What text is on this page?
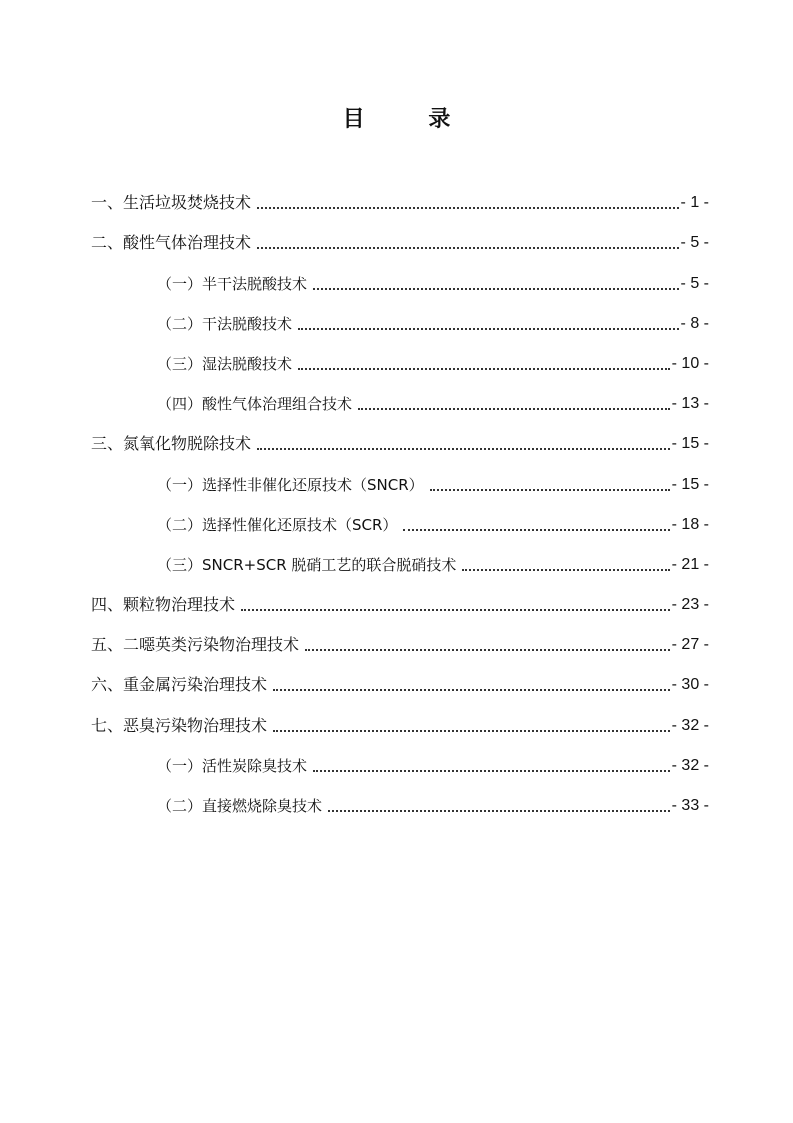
目 录
一、生活垃圾焚烧技术	- 1 -
二、酸性气体治理技术	- 5 -
（一）半干法脱酸技术	- 5 -
（二）干法脱酸技术	- 8 -
（三）湿法脱酸技术	- 10 -
（四）酸性气体治理组合技术	- 13 -
三、氮氧化物脱除技术	- 15 -
（一）选择性非催化还原技术（SNCR）	- 15 -
（二）选择性催化还原技术（SCR）	- 18 -
（三）SNCR+SCR 脱硝工艺的联合脱硝技术	- 21 -
四、颗粒物治理技术	- 23 -
五、二噁英类污染物治理技术	- 27 -
六、重金属污染治理技术	- 30 -
七、恶臭污染物治理技术	- 32 -
（一）活性炭除臭技术	- 32 -
（二）直接燃烧除臭技术	- 33 -
